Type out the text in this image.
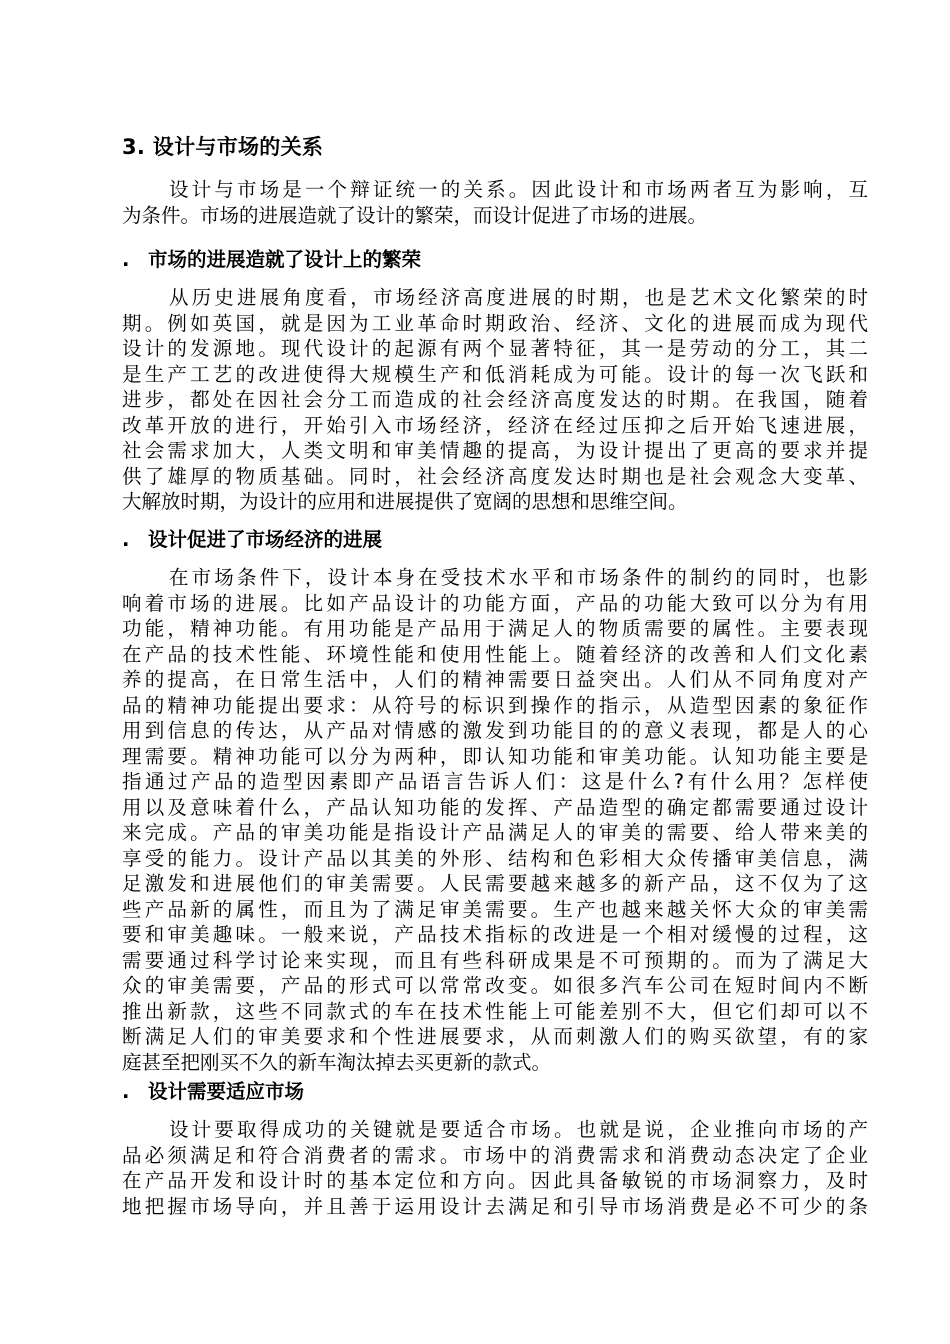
3. 设计与市场的关系
设计与市场是一个辩证统一的关系。因此设计和市场两者互为影响，互
为条件。市场的进展造就了设计的繁荣，而设计促进了市场的进展。
. 市场的进展造就了设计上的繁荣
从历史进展角度看，市场经济高度进展的时期，也是艺术文化繁荣的时
期。例如英国，就是因为工业革命时期政治、经济、文化的进展而成为现代
设计的发源地。现代设计的起源有两个显著特征，其一是劳动的分工，其二
是生产工艺的改进使得大规模生产和低消耗成为可能。设计的每一次飞跃和
进步，都处在因社会分工而造成的社会经济高度发达的时期。在我国，随着
改革开放的进行，开始引入市场经济，经济在经过压抑之后开始飞速进展，
社会需求加大，人类文明和审美情趣的提高，为设计提出了更高的要求并提
供了雄厚的物质基础。同时，社会经济高度发达时期也是社会观念大变革、
大解放时期，为设计的应用和进展提供了宽阔的思想和思维空间。
. 设计促进了市场经济的进展
在市场条件下，设计本身在受技术水平和市场条件的制约的同时，也影
响着市场的进展。比如产品设计的功能方面，产品的功能大致可以分为有用
功能，精神功能。有用功能是产品用于满足人的物质需要的属性。主要表现
在产品的技术性能、环境性能和使用性能上。随着经济的改善和人们文化素
养的提高，在日常生活中，人们的精神需要日益突出。人们从不同角度对产
品的精神功能提出要求：从符号的标识到操作的指示，从造型因素的象征作
用到信息的传达，从产品对情感的激发到功能目的的意义表现，都是人的心
理需要。精神功能可以分为两种，即认知功能和审美功能。认知功能主要是
指通过产品的造型因素即产品语言告诉人们：这是什么?有什么用？怎样使
用以及意味着什么，产品认知功能的发挥、产品造型的确定都需要通过设计
来完成。产品的审美功能是指设计产品满足人的审美的需要、给人带来美的
享受的能力。设计产品以其美的外形、结构和色彩相大众传播审美信息，满
足激发和进展他们的审美需要。人民需要越来越多的新产品，这不仅为了这
些产品新的属性，而且为了满足审美需要。生产也越来越关怀大众的审美需
要和审美趣味。一般来说，产品技术指标的改进是一个相对缓慢的过程，这
需要通过科学讨论来实现，而且有些科研成果是不可预期的。而为了满足大
众的审美需要，产品的形式可以常常改变。如很多汽车公司在短时间内不断
推出新款，这些不同款式的车在技术性能上可能差别不大，但它们却可以不
断满足人们的审美要求和个性进展要求，从而刺激人们的购买欲望，有的家
庭甚至把刚买不久的新车淘汰掉去买更新的款式。
. 设计需要适应市场
设计要取得成功的关键就是要适合市场。也就是说，企业推向市场的产
品必须满足和符合消费者的需求。市场中的消费需求和消费动态决定了企业
在产品开发和设计时的基本定位和方向。因此具备敏锐的市场洞察力，及时
地把握市场导向，并且善于运用设计去满足和引导市场消费是必不可少的条
